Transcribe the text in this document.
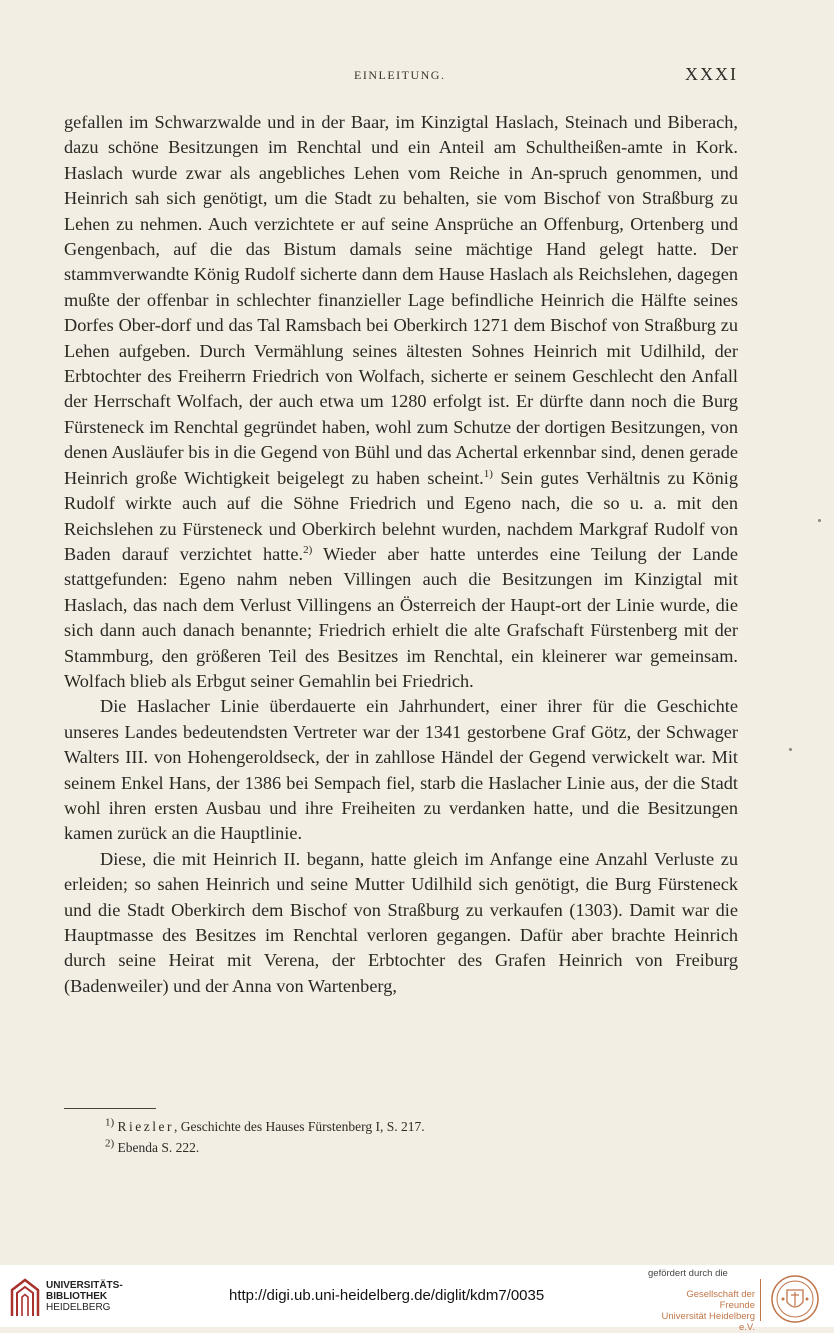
EINLEITUNG.	XXXI

gefallen im Schwarzwalde und in der Baar, im Kinzigtal Haslach, Steinach und Biberach, dazu schöne Besitzungen im Renchtal und ein Anteil am Schultheißen-amte in Kork. Haslach wurde zwar als angebliches Lehen vom Reiche in An-spruch genommen, und Heinrich sah sich genötigt, um die Stadt zu behalten, sie vom Bischof von Straßburg zu Lehen zu nehmen. Auch verzichtete er auf seine Ansprüche an Offenburg, Ortenberg und Gengenbach, auf die das Bistum damals seine mächtige Hand gelegt hatte. Der stammverwandte König Rudolf sicherte dann dem Hause Haslach als Reichslehen, dagegen mußte der offenbar in schlechter finanzieller Lage befindliche Heinrich die Hälfte seines Dorfes Ober-dorf und das Tal Ramsbach bei Oberkirch 1271 dem Bischof von Straßburg zu Lehen aufgeben. Durch Vermählung seines ältesten Sohnes Heinrich mit Udilhild, der Erbtochter des Freiherrn Friedrich von Wolfach, sicherte er seinem Geschlecht den Anfall der Herrschaft Wolfach, der auch etwa um 1280 erfolgt ist. Er dürfte dann noch die Burg Fürsteneck im Renchtal gegründet haben, wohl zum Schutze der dortigen Besitzungen, von denen Ausläufer bis in die Gegend von Bühl und das Achertal erkennbar sind, denen gerade Heinrich große Wichtigkeit beigelegt zu haben scheint.$^{1)}$ Sein gutes Verhältnis zu König Rudolf wirkte auch auf die Söhne Friedrich und Egeno nach, die so u. a. mit den Reichslehen zu Fürsteneck und Oberkirch belehnt wurden, nachdem Markgraf Rudolf von Baden darauf verzichtet hatte.$^{2)}$ Wieder aber hatte unterdes eine Teilung der Lande stattgefunden: Egeno nahm neben Villingen auch die Besitzungen im Kinzigtal mit Haslach, das nach dem Verlust Villingens an Österreich der Haupt-ort der Linie wurde, die sich dann auch danach benannte; Friedrich erhielt die alte Grafschaft Fürstenberg mit der Stammburg, den größeren Teil des Besitzes im Renchtal, ein kleinerer war gemeinsam. Wolfach blieb als Erbgut seiner Gemahlin bei Friedrich.

Die Haslacher Linie überdauerte ein Jahrhundert, einer ihrer für die Geschichte unseres Landes bedeutendsten Vertreter war der 1341 gestorbene Graf Götz, der Schwager Walters III. von Hohengeroldseck, der in zahllose Händel der Gegend verwickelt war. Mit seinem Enkel Hans, der 1386 bei Sempach fiel, starb die Haslacher Linie aus, der die Stadt wohl ihren ersten Ausbau und ihre Freiheiten zu verdanken hatte, und die Besitzungen kamen zurück an die Hauptlinie.

Diese, die mit Heinrich II. begann, hatte gleich im Anfange eine Anzahl Verluste zu erleiden; so sahen Heinrich und seine Mutter Udilhild sich genötigt, die Burg Fürsteneck und die Stadt Oberkirch dem Bischof von Straßburg zu verkaufen (1303). Damit war die Hauptmasse des Besitzes im Renchtal verloren gegangen. Dafür aber brachte Heinrich durch seine Heirat mit Verena, der Erbtochter des Grafen Heinrich von Freiburg (Badenweiler) und der Anna von Wartenberg,

$^{1)}$ Riezler, Geschichte des Hauses Fürstenberg I, S. 217.

$^{2)}$ Ebenda S. 222.

UNIVERSITÄTS-
BIBLIOTHEK
HEIDELBERG
http://digi.ub.uni-heidelberg.de/diglit/kdm7/0035
gefördert durch die
Gesellschaft der Freunde
Universität Heidelberg e.V.
